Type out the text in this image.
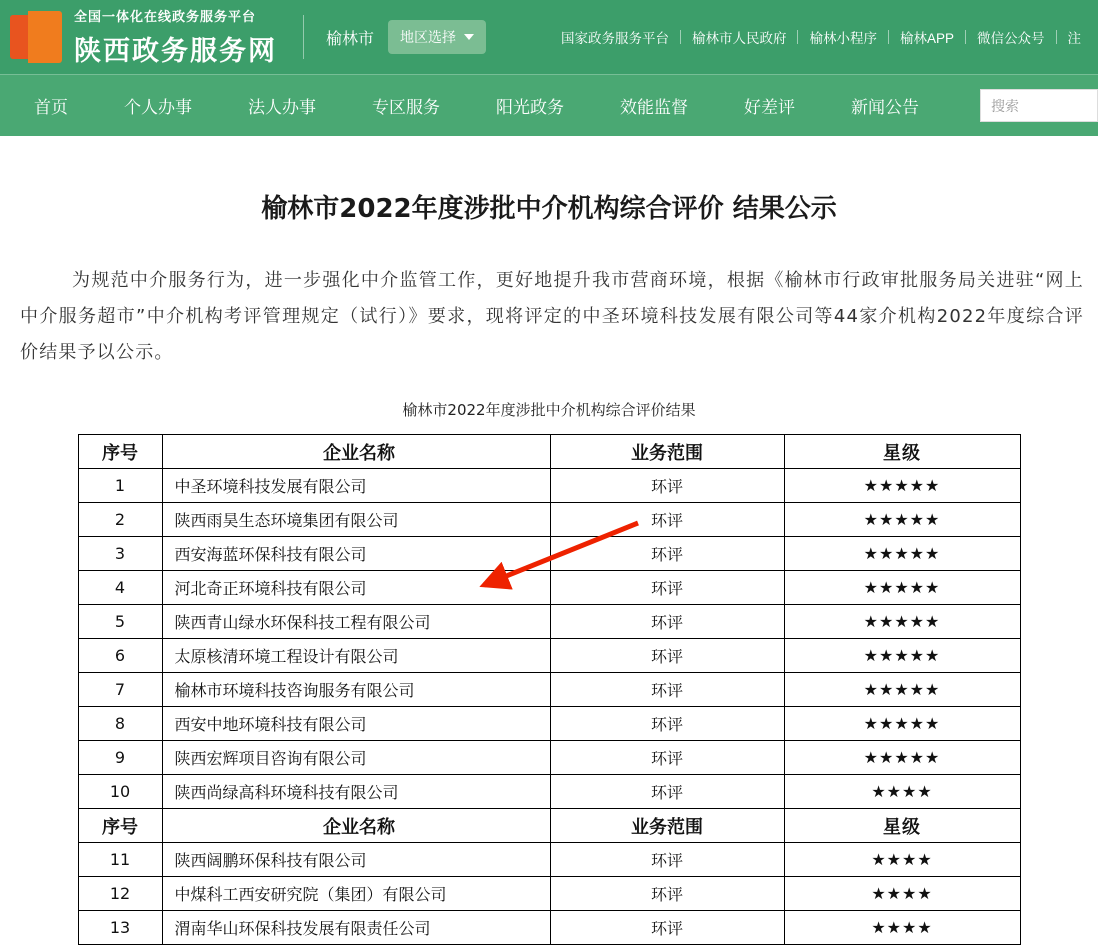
全国一体化在线政务服务平台
陕西政务服务网	榆林市 地区选择	国家政务服务平台	榆林市人民政府	榆林小程序	榆林APP	微信公众号	注
首页	个人办事	法人办事	专区服务	阳光政务	效能监督	好差评	新闻公告	搜索
榆林市2022年度涉批中介机构综合评价 结果公示
为规范中介服务行为，进一步强化中介监管工作，更好地提升我市营商环境，根据《榆林市行政审批服务局关进驻“网上中介服务超市”中介机构考评管理规定（试行）》要求，现将评定的中圣环境科技发展有限公司等44家介机构2022年度综合评价结果予以公示。
榆林市2022年度涉批中介机构综合评价结果
序号	企业名称	业务范围	星级
1	中圣环境科技发展有限公司	环评	★★★★★
2	陕西雨昊生态环境集团有限公司	环评	★★★★★
3	西安海蓝环保科技有限公司	环评	★★★★★
4	河北奇正环境科技有限公司	环评	★★★★★
5	陕西青山绿水环保科技工程有限公司	环评	★★★★★
6	太原核清环境工程设计有限公司	环评	★★★★★
7	榆林市环境科技咨询服务有限公司	环评	★★★★★
8	西安中地环境科技有限公司	环评	★★★★★
9	陕西宏辉项目咨询有限公司	环评	★★★★★
10	陕西尚绿高科环境科技有限公司	环评	★★★★
序号	企业名称	业务范围	星级
11	陕西阔鹏环保科技有限公司	环评	★★★★
12	中煤科工西安研究院（集团）有限公司	环评	★★★★
13	渭南华山环保科技发展有限责任公司	环评	★★★★
